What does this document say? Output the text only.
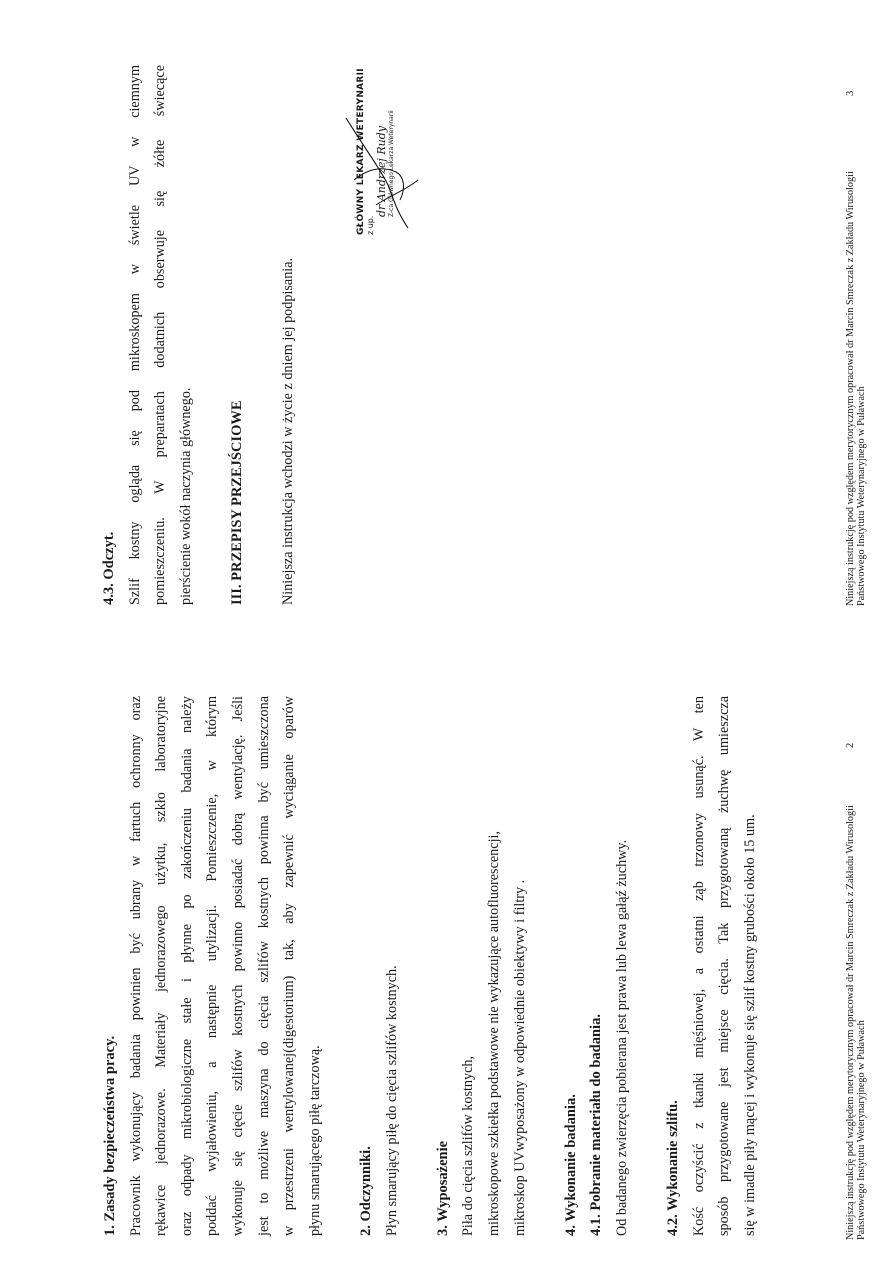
1. Zasady bezpieczeństwa pracy. Pracownik wykonujący badania powinien być ubrany w fartuch ochronny oraz rękawice jednorazowe. Materiały jednorazowego użytku, szkło laboratoryjne oraz odpady mikrobiologiczne stałe i płynne po zakończeniu badania należy poddać wyjałowieniu, a następnie utylizacji. Pomieszczenie, w którym wykonuje się cięcie szlifów kostnych powinno posiadać dobrą wentylację. Jeśli jest to możliwe maszyna do cięcia szlifów kostnych powinna być umieszczona w przestrzeni wentylowanej(digestorium) tak, aby zapewnić wyciąganie oparów płynu smarującego piłę tarczową.	2. Odczynniki. Płyn smarujący piłę do cięcia szlifów kostnych.	3. Wyposażenie Piła do cięcia szlifów kostnych, mikroskopowe szkiełka podstawowe nie wykazujące autofluorescencji, mikroskop UVwyposażony w odpowiednie obiektywy i filtry .	4. Wykonanie badania. 4.1. Pobranie materiału do badania. Od badanego zwierzęcia pobierana jest prawa lub lewa gałąź żuchwy.	4.2. Wykonanie szlifu. Kość oczyścić z tkanki mięśniowej, a ostatni ząb trzonowy usunąć. W ten sposób przygotowane jest miejsce cięcia. Tak przygotowaną żuchwę umieszcza się w imadle piły mącej i wykonuje się szlif kostny grubości około 15 um.	Niniejszą instrukcję pod względem merytorycznym opracował dr Marcin Smreczak z Zakładu Wirusologii Państwowego Instytutu Weterynaryjnego w Puławach
2

4.3. Odczyt. Szlif kostny ogląda się pod mikroskopem w świetle UV w ciemnym pomieszczeniu. W preparatach dodatnich obserwuje się żółte świecące pierścienie wokół naczynia głównego.	III. PRZEPISY PRZEJŚCIOWE	Niniejsza instrukcja wchodzi w życie z dniem jej podpisania.

GŁÓWNY LEKARZ WETERYNARII z up.
dr Andrzej Rudy Z-ca Głównego Lekarza Weterynarii
Niniejszą instrukcję pod względem merytorycznym opracował dr Marcin Smreczak z Zakładu Wirusologii Państwowego Instytutu Weterynaryjnego w Puławach
3
